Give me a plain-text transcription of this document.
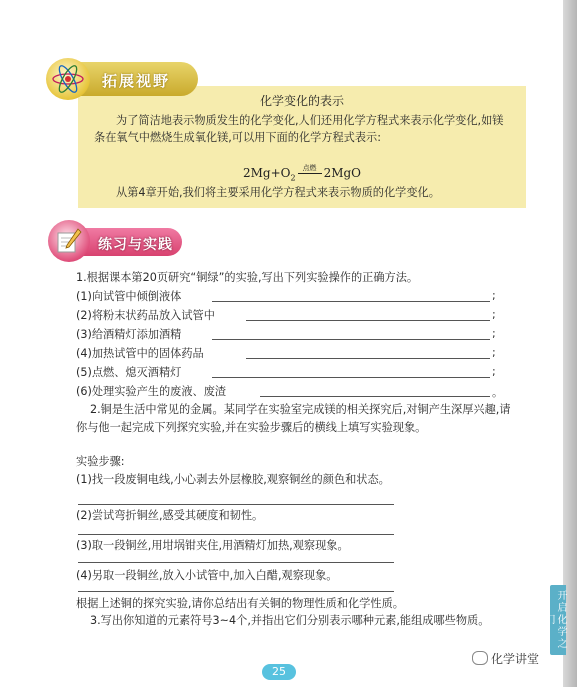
化学变化的表示

为了简洁地表示物质发生的化学变化,人们还用化学方程式来表示化学变化,如镁条在氧气中燃烧生成氧化镁,可以用下面的化学方程式表示:

$2Mg+O_2$
点燃 2MgO

从第4章开始,我们将主要采用化学方程式来表示物质的化学变化。

拓展视野
练习与实践
1.根据课本第20页研究“铜绿”的实验,写出下列实验操作的正确方法。
(1)向试管中倾倒液体	;
(2)将粉末状药品放入试管中	;
(3)给酒精灯添加酒精	;
(4)加热试管中的固体药品	;
(5)点燃、熄灭酒精灯	;
(6)处理实验产生的废液、废渣	。

2.铜是生活中常见的金属。某同学在实验室完成镁的相关探究后,对铜产生深厚兴趣,请你与他一起完成下列探究实验,并在实验步骤后的横线上填写实验现象。

实验步骤:
(1)找一段废铜电线,小心剥去外层橡胶,观察铜丝的颜色和状态。
(2)尝试弯折铜丝,感受其硬度和韧性。
(3)取一段铜丝,用坩埚钳夹住,用酒精灯加热,观察现象。
(4)另取一段铜丝,放入小试管中,加入白醋,观察现象。
根据上述铜的探究实验,请你总结出有关铜的物理性质和化学性质。

3.写出你知道的元素符号3~4个,并指出它们分别表示哪种元素,能组成哪些物质。

25
化学讲堂
开启化学之门
